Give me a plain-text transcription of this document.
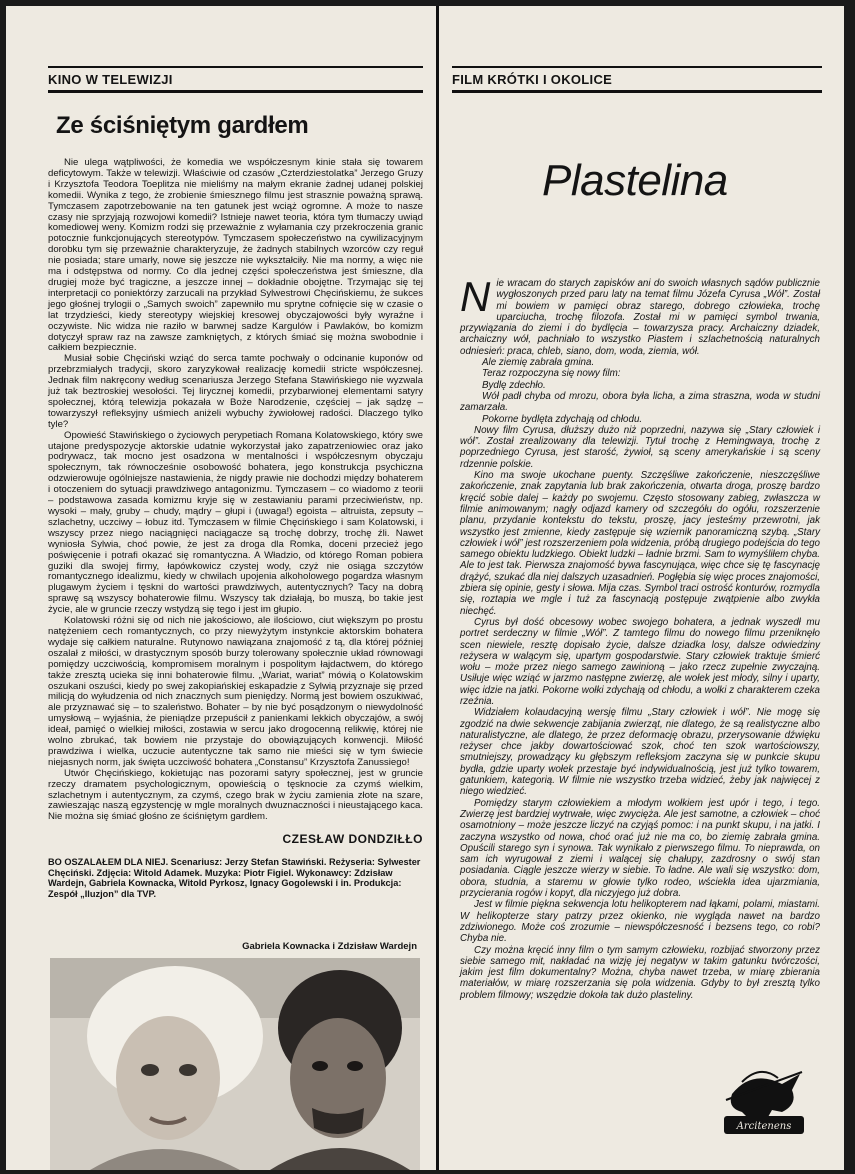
KINO W TELEWIZJI
Ze ściśniętym gardłem

Nie ulega wątpliwości, że komedia we współczesnym kinie stała się towarem deficytowym. Także w telewizji. Właściwie od czasów „Czterdziestolatka” Jerzego Gruzy i Krzysztofa Teodora Toeplitza nie mieliśmy na małym ekranie żadnej udanej polskiej komedii. Wynika z tego, że zrobienie śmiesznego filmu jest strasznie poważną sprawą. Tymczasem zapotrzebowanie na ten gatunek jest wciąż ogromne. A może to nasze czasy nie sprzyjają rozwojowi komedii? Istnieje nawet teoria, która tym tłumaczy uwiąd komediowej weny. Komizm rodzi się przeważnie z wyłamania czy przekroczenia granic potocznie funkcjonujących stereotypów. Tymczasem społeczeństwo na cywilizacyjnym dorobku tym się przeważnie charakteryzuje, że żadnych stabilnych wzorców czy reguł nie posiada; stare umarły, nowe się jeszcze nie wykształciły. Nie ma normy, a więc nie ma i odstępstwa od normy. Co dla jednej części społeczeństwa jest śmieszne, dla drugiej może być tragiczne, a jeszcze innej – dokładnie obojętne. Trzymając się tej interpretacji co poniektórzy zarzucali na przykład Sylwestrowi Chęcińskiemu, że sukces jego głośnej trylogii o „Samych swoich” zapewniło mu sprytne cofnięcie się w czasie o lat trzydzieści, kiedy stereotypy wiejskiej kresowej obyczajowości były wyraźne i oczywiste. Nic widza nie raziło w barwnej sadze Kargulów i Pawlaków, bo komizm dotyczył spraw raz na zawsze zamkniętych, z których śmiać się można swobodnie i całkiem bezpiecznie.

Musiał sobie Chęciński wziąć do serca tamte pochwały o odcinanie kuponów od przebrzmiałych tradycji, skoro zaryzykował realizację komedii stricte współczesnej. Jednak film nakręcony według scenariusza Jerzego Stefana Stawińskiego nie wyzwala już tak beztroskiej wesołości. Tej lirycznej komedii, przybarwionej elementami satyry społecznej, którą telewizja pokazała w Boże Narodzenie, częściej – jak sądzę – towarzyszył refleksyjny uśmiech aniżeli wybuchy żywiołowej radości. Dlaczego tylko tyle?

Opowieść Stawińskiego o życiowych perypetiach Romana Kolatowskiego, który swe utajone predyspozycje aktorskie udatnie wykorzystał jako zapatrzeniowiec oraz jako podrywacz, tak mocno jest osadzona w mentalności i współczesnym obyczaju społecznym, tak równocześnie osobowość bohatera, jego konstrukcja psychiczna odzwierowuje ogólniejsze nastawienia, że nigdy prawie nie dochodzi między bohaterem i otoczeniem do sytuacji prawdziwego antagonizmu. Tymczasem – co wiadomo z teorii – podstawowa zasada komizmu kryje się w zestawianiu parami przeciwieństw, np. wysoki – mały, gruby – chudy, mądry – głupi i (uwaga!) egoista – altruista, zepsuty – szlachetny, uczciwy – łobuz itd. Tymczasem w filmie Chęcińskiego i sam Kolatowski, i wszyscy przez niego naciągnięci naciągacze są trochę dobrzy, trochę źli. Nawet wyniosła Sylwia, choć powie, że jest za droga dla Romka, doceni przecież jego poświęcenie i potrafi okazać się romantyczna. A Władzio, od którego Roman pobiera guziki dla swojej firmy, łapówkowicz czystej wody, czyż nie osiąga szczytów romantycznego idealizmu, kiedy w chwilach upojenia alkoholowego pogardza własnym plugawym życiem i tęskni do wartości prawdziwych, autentycznych? Tacy na dobrą sprawę są wszyscy bohaterowie filmu. Wszyscy tak działają, bo muszą, bo takie jest życie, ale w gruncie rzeczy wstydzą się tego i jest im głupio.

Kolatowski różni się od nich nie jakościowo, ale ilościowo, ciut większym po prostu natężeniem cech romantycznych, co przy niewyżytym instynkcie aktorskim bohatera wydaje się całkiem naturalne. Rutynowo nawiązana znajomość z tą, dla której później oszalał z miłości, w drastycznym sposób burzy tolerowany społecznie układ równowagi pomiędzy uczciwością, kompromisem moralnym i pospolitym łajdactwem, do którego także zresztą ucieka się inni bohaterowie filmu. „Wariat, wariat” mówią o Kolatowskim oszukani oszuści, kiedy po swej zakopiańskiej eskapadzie z Sylwią przyznaje się przed milicją do wyłudzenia od nich znacznych sum pieniędzy. Normą jest bowiem oszukiwać, ale przyznawać się – to szaleństwo. Bohater – by nie być posądzonym o niewydolność umysłową – wyjaśnia, że pieniądze przepuścił z panienkami lekkich obyczajów, a swój ideał, pamięć o wielkiej miłości, zostawia w sercu jako drogocenną relikwię, której nie wolno zbrukać, tak bowiem nie przystaje do obowiązujących konwencji. Miłość prawdziwa i wielka, uczucie autentyczne tak samo nie mieści się w tym świecie niejasnych norm, jak święta uczciwość bohatera „Constansu” Krzysztofa Zanussiego!

Utwór Chęcińskiego, kokietując nas pozorami satyry społecznej, jest w gruncie rzeczy dramatem psychologicznym, opowieścią o tęsknocie za czymś wielkim, szlachetnym i autentycznym, za czymś, czego brak w życiu zamienia złote na szare, zawieszając naszą egzystencję w mgle moralnych dwuznaczności i nieustającego kaca. Nie można się śmiać głośno ze ściśniętym gardłem.

CZESŁAW DONDZIŁŁO

BO OSZALAŁEM DLA NIEJ. Scenariusz: Jerzy Stefan Stawiński. Reżyseria: Sylwester Chęciński. Zdjęcia: Witold Adamek. Muzyka: Piotr Figiel. Wykonawcy: Zdzisław Wardejn, Gabriela Kownacka, Witold Pyrkosz, Ignacy Gogolewski i in. Produkcja: Zespół „Iluzjon” dla TVP.

Gabriela Kownacka i Zdzisław Wardejn
FILM KRÓTKI I OKOLICE
Plastelina

Nie wracam do starych zapisków ani do swoich własnych sądów publicznie wygłoszonych przed paru laty na temat filmu Józefa Cyrusa „Wół”. Został mi bowiem w pamięci obraz starego, dobrego człowieka, trochę uparciucha, trochę filozofa. Został mi w pamięci symbol trwania, przywiązania do ziemi i do bydlęcia – towarzysza pracy. Archaiczny dziadek, archaiczny wół, pachniało to wszystko Piastem i szlachetnością naturalnych odniesień: praca, chleb, siano, dom, woda, ziemia, wół.

Ale ziemię zabrała gmina.

Teraz rozpoczyna się nowy film:

Bydlę zdechło.

Wół padł chyba od mrozu, obora była licha, a zima straszna, woda w studni zamarzała.

Pokorne bydlęta zdychają od chłodu.

Nowy film Cyrusa, dłuższy dużo niż poprzedni, nazywa się „Stary człowiek i wół”. Został zrealizowany dla telewizji. Tytuł trochę z Hemingwaya, trochę z poprzedniego Cyrusa, jest starość, żywioł, są sceny amerykańskie i są sceny rdzennie polskie.

Kino ma swoje ukochane puenty. Szczęśliwe zakończenie, nieszczęśliwe zakończenie, znak zapytania lub brak zakończenia, otwarta droga, proszę bardzo kręcić sobie dalej – każdy po swojemu. Często stosowany zabieg, zwłaszcza w filmie animowanym; nagły odjazd kamery od szczegółu do ogółu, rozszerzenie planu, przydanie kontekstu do tekstu, proszę, jacy jesteśmy przewrotni, jak wszystko jest zmienne, kiedy zastępuje się wziernik panoramiczną szybą. „Stary człowiek i wół” jest rozszerzeniem pola widzenia, próbą drugiego podejścia do tego samego obiektu ludzkiego. Obiekt ludzki – ładnie brzmi. Sam to wymyśliłem chyba. Ale to jest tak. Pierwsza znajomość bywa fascynująca, więc chce się tę fascynację drążyć, szukać dla niej dalszych uzasadnień. Pogłębia się więc proces znajomości, zbiera się opinie, gesty i słowa. Mija czas. Symbol traci ostrość konturów, rozmydla się, roztapia we mgle i tuż za fascynacją postępuje zwątpienie albo zwykła niechęć.

Cyrus był dość obcesowy wobec swojego bohatera, a jednak wyszedł mu portret serdeczny w filmie „Wół”. Z tamtego filmu do nowego filmu przeniknęło scen niewiele, resztę dopisało życie, dalsze dziadka losy, dalsze odwiedziny reżysera w walącym się, upartym gospodarstwie. Stary człowiek traktuje śmierć wołu – może przez niego samego zawinioną – jako rzecz zupełnie zwyczajną. Usiłuje więc wziąć w jarzmo następne zwierzę, ale wołek jest młody, silny i uparty, więc idzie na jatki. Pokorne wołki zdychają od chłodu, a wołki z charakterem czeka rzeźnia.

Widziałem kolaudacyjną wersję filmu „Stary człowiek i wół”. Nie mogę się zgodzić na dwie sekwencje zabijania zwierząt, nie dlatego, że są realistyczne albo naturalistyczne, ale dlatego, że przez deformację obrazu, przerysowanie dźwięku reżyser chce jakby dowartościować szok, choć ten szok wartościowszy, smutniejszy, prowadzący ku głębszym refleksjom zaczyna się w punkcie skupu bydła, gdzie uparty wołek przestaje być indywidualnością, jest już tylko towarem, gatunkiem, kategorią. W filmie nie wszystko trzeba widzieć, żeby jak najwięcej z niego wiedzieć.

Pomiędzy starym człowiekiem a młodym wołkiem jest upór i tego, i tego. Zwierzę jest bardziej wytrwałe, więc zwycięża. Ale jest samotne, a człowiek – choć osamotniony – może jeszcze liczyć na czyjąś pomoc: i na punkt skupu, i na jatki. I zaczyna wszystko od nowa, choć orać już nie ma co, bo ziemię zabrała gmina. Opuścili starego syn i synowa. Tak wynikało z pierwszego filmu. To nieprawda, on sam ich wyrugował z ziemi i walącej się chałupy, zazdrosny o swój stan posiadania. Ciągle jeszcze wierzy w siebie. To ładne. Ale wali się wszystko: dom, obora, studnia, a staremu w głowie tylko rodeo, wściekła idea ujarzmiania, przycierania rogów i kopyt, dla niczyjego już dobra.

Jest w filmie piękna sekwencja lotu helikopterem nad łąkami, polami, miastami. W helikopterze stary patrzy przez okienko, nie wygląda nawet na bardzo zdziwionego. Może coś zrozumie – niewspółczesność i bezsens tego, co robi? Chyba nie.

Czy można kręcić inny film o tym samym człowieku, rozbijać stworzony przez siebie samego mit, nakładać na wizję jej negatyw w takim gatunku twórczości, jakim jest film dokumentalny? Można, chyba nawet trzeba, w miarę zbierania materiałów, w miarę rozszerzania się pola widzenia. Gdyby to był zresztą tylko problem filmowy; wszędzie dokoła tak dużo plasteliny.

Arcitenens
